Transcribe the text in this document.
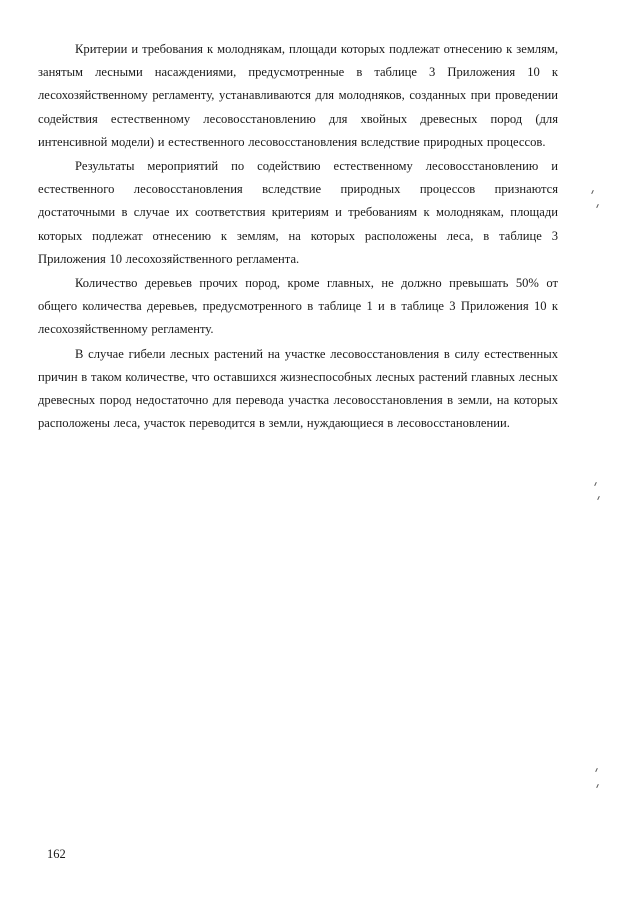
Критерии и требования к молоднякам, площади которых подлежат отнесению к землям, занятым лесными насаждениями, предусмотренные в таблице 3 Приложения 10 к лесохозяйственному регламенту, устанавливаются для молодняков, созданных при проведении содействия естественному лесовосстановлению для хвойных древесных пород (для интенсивной модели) и естественного лесовосстановления вследствие природных процессов.

Результаты мероприятий по содействию естественному лесовосстановлению и естественного лесовосстановления вследствие природных процессов признаются достаточными в случае их соответствия критериям и требованиям к молоднякам, площади которых подлежат отнесению к землям, на которых расположены леса, в таблице 3 Приложения 10 лесохозяйственного регламента.

Количество деревьев прочих пород, кроме главных, не должно превышать 50% от общего количества деревьев, предусмотренного в таблице 1 и в таблице 3 Приложения 10 к лесохозяйственному регламенту.

В случае гибели лесных растений на участке лесовосстановления в силу естественных причин в таком количестве, что оставшихся жизнеспособных лесных растений главных лесных древесных пород недостаточно для перевода участка лесовосстановления в земли, на которых расположены леса, участок переводится в земли, нуждающиеся в лесовосстановлении.

162
